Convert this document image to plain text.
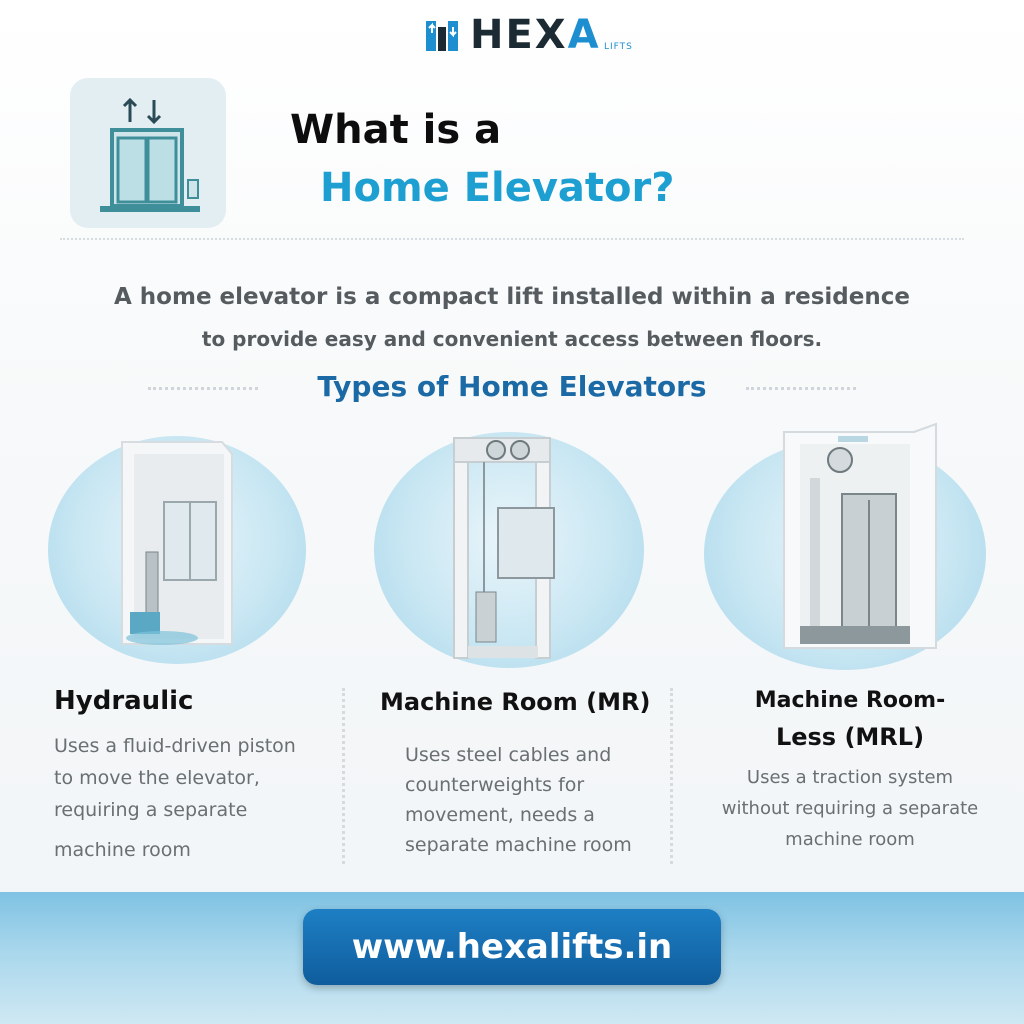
HEXA LIFTS
What is a
Home Elevator?
A home elevator is a compact lift installed within a residence
to provide easy and convenient access between floors.
Types of Home Elevators
Hydraulic
Uses a fluid-driven piston
to move the elevator,
requiring a separate
machine room
Machine Room (MR)
Uses steel cables and
counterweights for
movement, needs a
separate machine room
Machine Room-
Less (MRL)
Uses a traction system
without requiring a separate
machine room
www.hexalifts.in
